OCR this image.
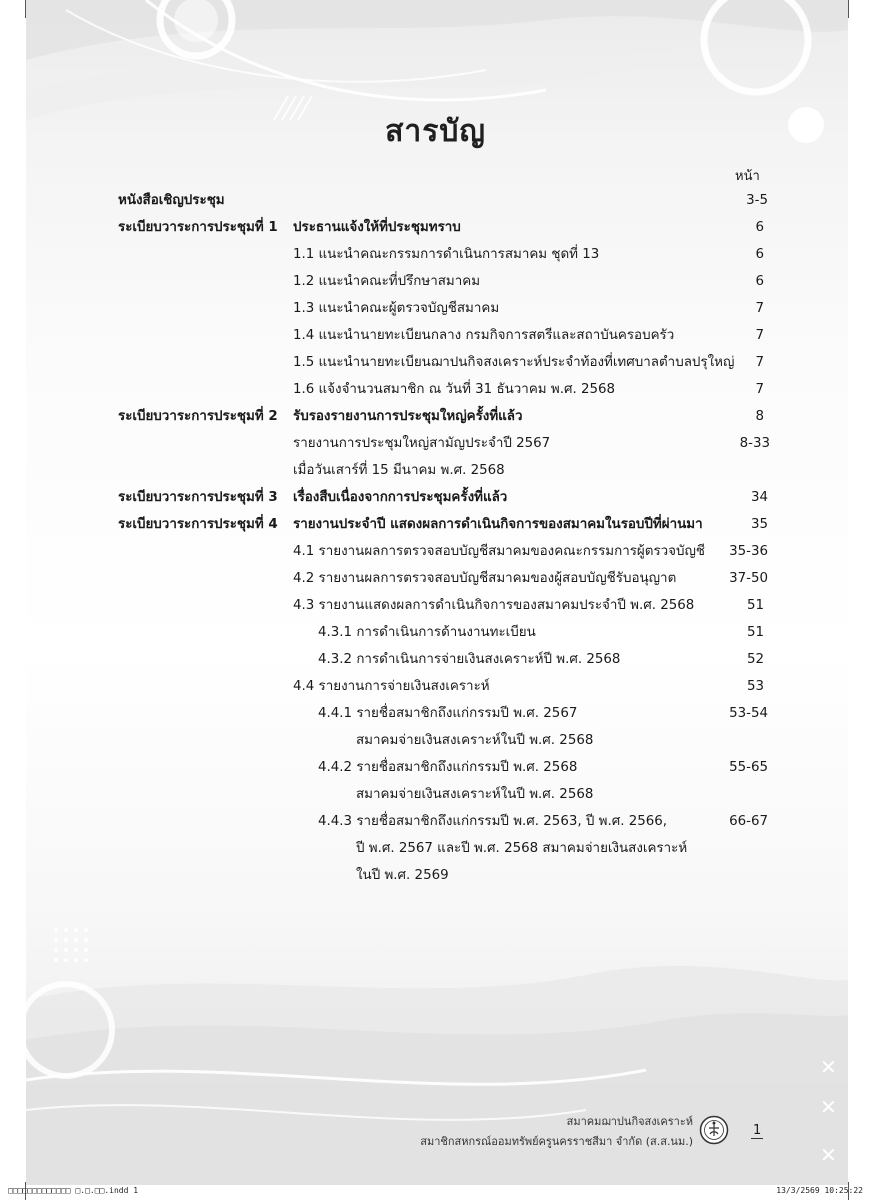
✕
✕
✕
สารบัญ
หน้า
หนังสือเชิญประชุม	3-5
ระเบียบวาระการประชุมที่ 1 ประธานแจ้งให้ที่ประชุมทราบ	6
1.1 แนะนำคณะกรรมการดำเนินการสมาคม ชุดที่ 13	6
1.2 แนะนำคณะที่ปรึกษาสมาคม	6
1.3 แนะนำคณะผู้ตรวจบัญชีสมาคม	7
1.4 แนะนำนายทะเบียนกลาง กรมกิจการสตรีและสถาบันครอบครัว	7
1.5 แนะนำนายทะเบียนฌาปนกิจสงเคราะห์ประจำท้องที่เทศบาลตำบลปรุใหญ่ 7
1.6 แจ้งจำนวนสมาชิก ณ วันที่ 31 ธันวาคม พ.ศ. 2568	7
ระเบียบวาระการประชุมที่ 2 รับรองรายงานการประชุมใหญ่ครั้งที่แล้ว	8
รายงานการประชุมใหญ่สามัญประจำปี 2567	8-33
เมื่อวันเสาร์ที่ 15 มีนาคม พ.ศ. 2568
ระเบียบวาระการประชุมที่ 3 เรื่องสืบเนื่องจากการประชุมครั้งที่แล้ว	34
ระเบียบวาระการประชุมที่ 4 รายงานประจำปี แสดงผลการดำเนินกิจการของสมาคมในรอบปีที่ผ่านมา	35
4.1 รายงานผลการตรวจสอบบัญชีสมาคมของคณะกรรมการผู้ตรวจบัญชี 35-36
4.2 รายงานผลการตรวจสอบบัญชีสมาคมของผู้สอบบัญชีรับอนุญาต	37-50
4.3 รายงานแสดงผลการดำเนินกิจการของสมาคมประจำปี พ.ศ. 2568	51
4.3.1 การดำเนินการด้านงานทะเบียน	51
4.3.2 การดำเนินการจ่ายเงินสงเคราะห์ปี พ.ศ. 2568	52
4.4 รายงานการจ่ายเงินสงเคราะห์	53
4.4.1 รายชื่อสมาชิกถึงแก่กรรมปี พ.ศ. 2567	53-54
สมาคมจ่ายเงินสงเคราะห์ในปี พ.ศ. 2568
4.4.2 รายชื่อสมาชิกถึงแก่กรรมปี พ.ศ. 2568	55-65
สมาคมจ่ายเงินสงเคราะห์ในปี พ.ศ. 2568
4.4.3 รายชื่อสมาชิกถึงแก่กรรมปี พ.ศ. 2563, ปี พ.ศ. 2566,	66-67
ปี พ.ศ. 2567 และปี พ.ศ. 2568 สมาคมจ่ายเงินสงเคราะห์
ในปี พ.ศ. 2569
สมาคมฌาปนกิจสงเคราะห์
สมาชิกสหกรณ์ออมทรัพย์ครูนครราชสีมา จำกัด (ส.ส.นม.)
1
□□□□□□□□□□□□□ □.□.□□.indd 1	13/3/2569 10:25:22
